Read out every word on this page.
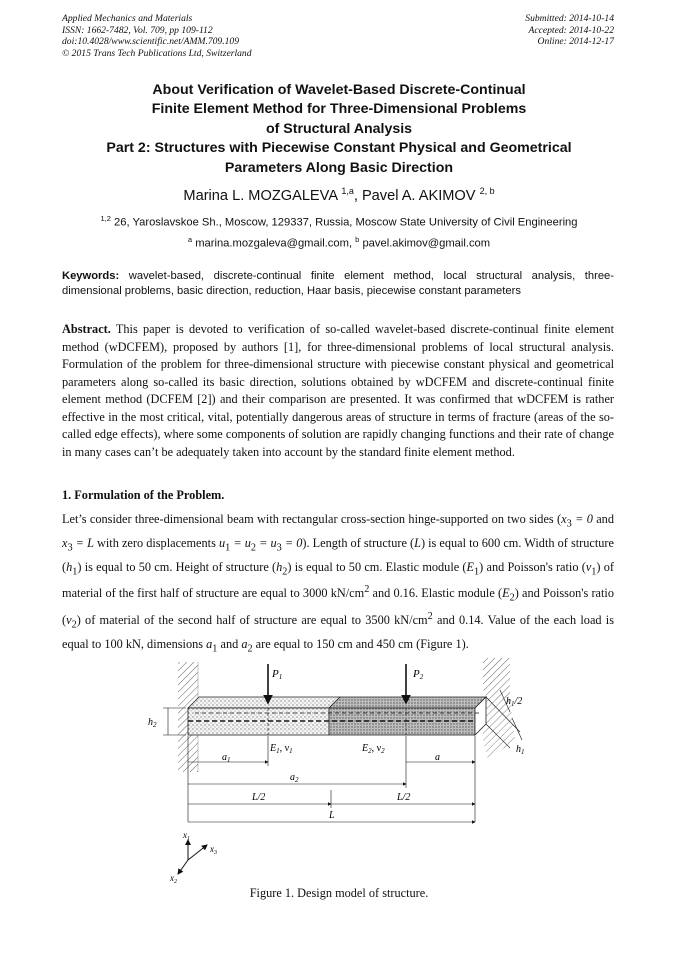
Applied Mechanics and Materials
ISSN: 1662-7482, Vol. 709, pp 109-112
doi:10.4028/www.scientific.net/AMM.709.109
© 2015 Trans Tech Publications Ltd, Switzerland
Submitted: 2014-10-14
Accepted: 2014-10-22
Online: 2014-12-17
About Verification of Wavelet-Based Discrete-Continual
Finite Element Method for Three-Dimensional Problems
of Structural Analysis
Part 2: Structures with Piecewise Constant Physical and Geometrical
Parameters Along Basic Direction
Marina L. MOZGALEVA $^{1,a}$, Pavel A. AKIMOV $^{2, b}$
$^{1,2}$ 26, Yaroslavskoe Sh., Moscow, 129337, Russia, Moscow State University of Civil Engineering
$^a$ marina.mozgaleva@gmail.com, $^b$ pavel.akimov@gmail.com
Keywords: wavelet-based, discrete-continual finite element method, local structural analysis, three-dimensional problems, basic direction, reduction, Haar basis, piecewise constant parameters
Abstract. This paper is devoted to verification of so-called wavelet-based discrete-continual finite element method (wDCFEM), proposed by authors [1], for three-dimensional problems of local structural analysis. Formulation of the problem for three-dimensional structure with piecewise constant physical and geometrical parameters along so-called its basic direction, solutions obtained by wDCFEM and discrete-continual finite element method (DCFEM [2]) and their comparison are presented. It was confirmed that wDCFEM is rather effective in the most critical, vital, potentially dangerous areas of structure in terms of fracture (areas of the so-called edge effects), where some components of solution are rapidly changing functions and their rate of change in many cases can’t be adequately taken into account by the standard finite element method.
1. Formulation of the Problem.
Let’s consider three-dimensional beam with rectangular cross-section hinge-supported on two sides ($x_3 = 0$ and $x_3 = L$ with zero displacements $u_1 = u_2 = u_3 = 0$). Length of structure (L) is equal to 600 cm. Width of structure $(h_1)$ is equal to 50 cm. Height of structure $(h_2)$ is equal to 50 cm. Elastic module $(E_1)$ and Poisson's ratio $(\nu_1)$ of material of the first half of structure are equal to 3000 $kN/cm^2$ and 0.16. Elastic module $(E_2)$ and Poisson's ratio $(\nu_2)$ of material of the second half of structure are equal to 3500 $kN/cm^2$ and 0.14. Value of the each load is equal to 100 kN, dimensions $a_1$ and $a_2$ are equal to 150 cm and 450 cm (Figure 1).
P1	P2
$h_2$
$h_1/2$
$h_1$
$E_1$, $\nu_1$	$E_2$, $\nu_2$
$a_1$	a
$a_2$
L/2	L/2
L
$x_1$
$x_3$
$x_2$
Figure 1. Design model of structure.
